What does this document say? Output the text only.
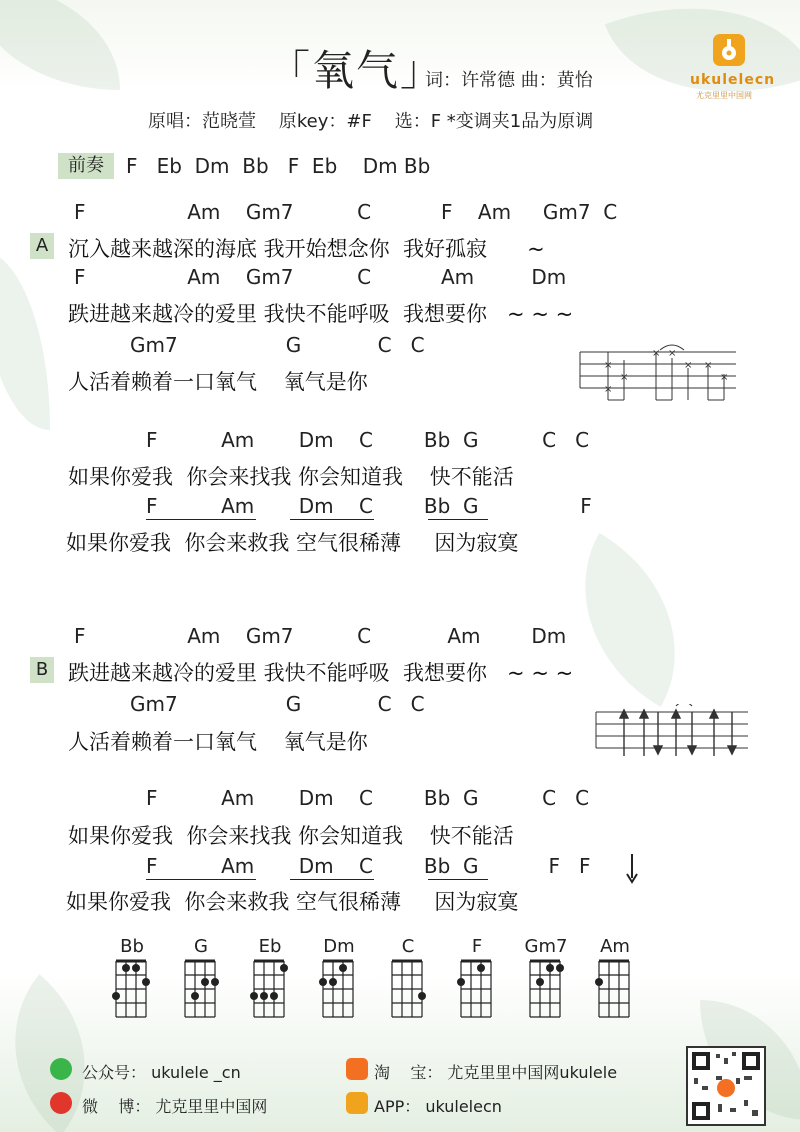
「氧气」
词：许常德 曲：黄怡
原唱：范晓萱    原key：#F    选：F *变调夹1品为原调
ukulelecn
尤克里里中国网
前奏	F   Eb  Dm  Bb   F  Eb    Dm Bb
A
F                Am    Gm7          C           F    Am     Gm7  C
沉入越来越深的海底 我开始想念你  我好孤寂      ~
F                Am    Gm7          C           Am         Dm
跌进越来越冷的爱里 我快不能呼吸  我想要你   ~ ~ ~
Gm7                 G            C   C
人活着赖着一口氧气    氧气是你
×
×
×
× ×
× ×
×
F          Am       Dm    C        Bb  G          C   C
如果你爱我  你会来找我 你会知道我    快不能活
F          Am       Dm    C        Bb  G                F
如果你爱我  你会来救我 空气很稀薄     因为寂寞
B
F                Am    Gm7          C            Am        Dm
跌进越来越冷的爱里 我快不能呼吸  我想要你   ~ ~ ~
Gm7                 G            C   C
人活着赖着一口氧气    氧气是你
F          Am       Dm    C        Bb  G          C   C
如果你爱我  你会来找我 你会知道我    快不能活
F          Am       Dm    C        Bb  G           F   F
如果你爱我  你会来救我 空气很稀薄     因为寂寞
Bb	G	Eb	Dm	C	F	Gm7	Am
公众号： ukulele _cn
微    博： 尤克里里中国网
淘    宝： 尤克里里中国网ukulele
APP： ukulelecn
